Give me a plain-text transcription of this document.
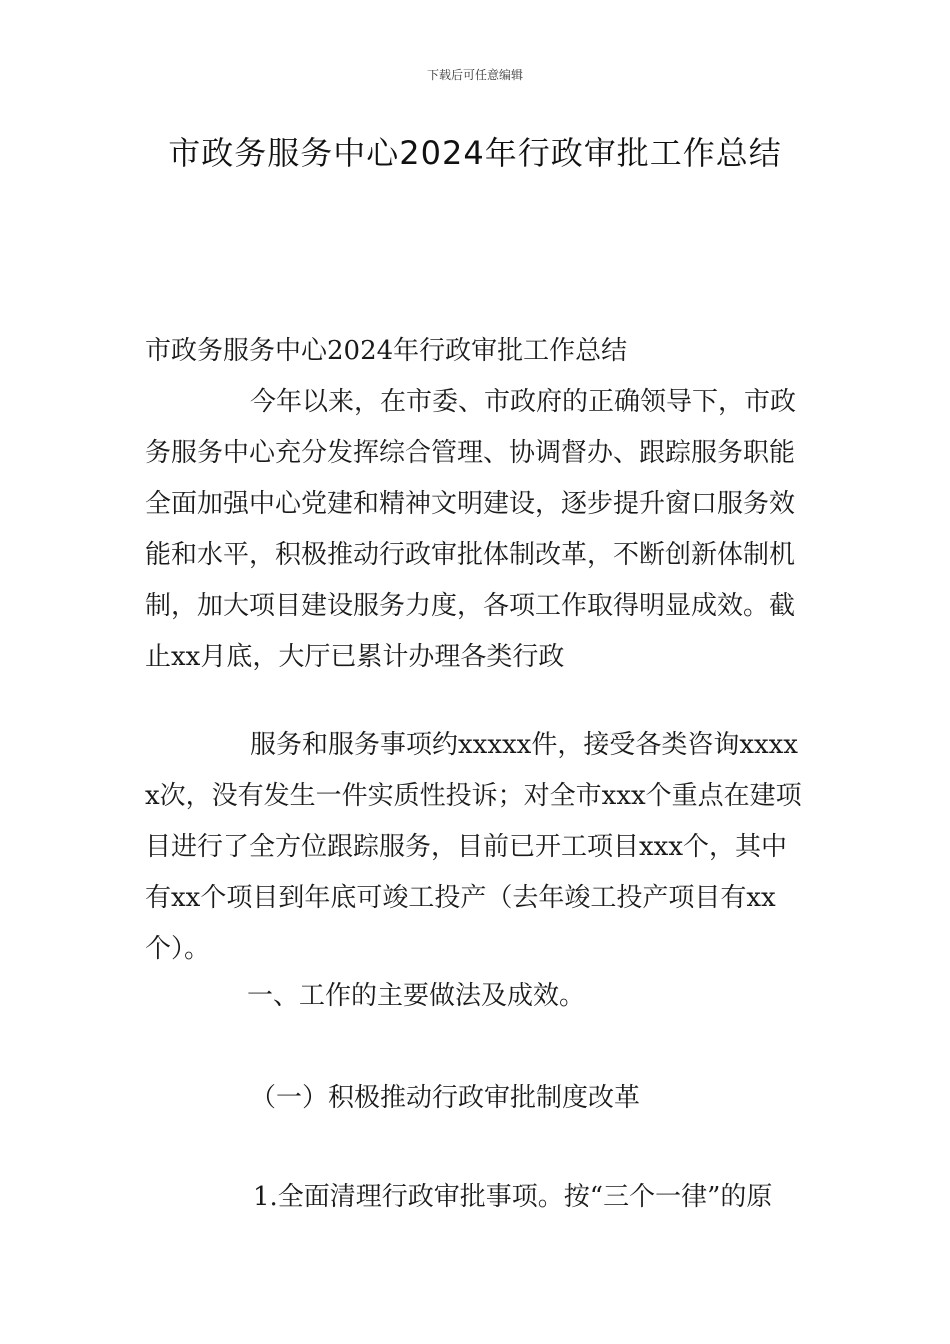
下载后可任意编辑
市政务服务中心2024年行政审批工作总结

市政务服务中心2024年行政审批工作总结

今年以来，在市委、市政府的正确领导下，市政务服务中心充分发挥综合管理、协调督办、跟踪服务职能全面加强中心党建和精神文明建设，逐步提升窗口服务效能和水平，积极推动行政审批体制改革，不断创新体制机制，加大项目建设服务力度，各项工作取得明显成效。截止xx月底，大厅已累计办理各类行政

服务和服务事项约xxxxx件，接受各类咨询xxxxx次，没有发生一件实质性投诉；对全市xxx个重点在建项目进行了全方位跟踪服务，目前已开工项目xxx个，其中有xx个项目到年底可竣工投产（去年竣工投产项目有xx个）。

一、工作的主要做法及成效。

（一）积极推动行政审批制度改革

1.全面清理行政审批事项。按“三个一律”的原
